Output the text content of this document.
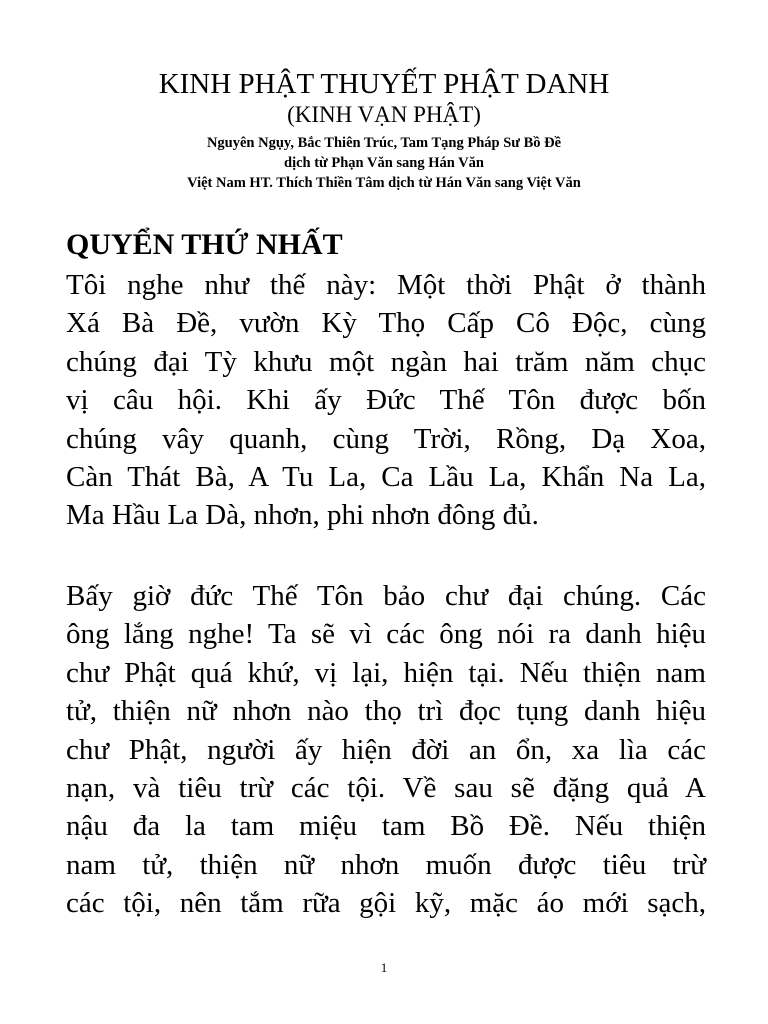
KINH PHẬT THUYẾT PHẬT DANH
(KINH VẠN PHẬT)
Nguyên Ngụy, Bắc Thiên Trúc, Tam Tạng Pháp Sư Bồ Đề
dịch từ Phạn Văn sang Hán Văn
Việt Nam HT. Thích Thiền Tâm dịch từ Hán Văn sang Việt Văn
QUYỂN THỨ NHẤT
Tôi nghe như thế này: Một thời Phật ở thành
Xá Bà Đề, vườn Kỳ Thọ Cấp Cô Độc, cùng
chúng đại Tỳ khưu một ngàn hai trăm năm chục
vị câu hội. Khi ấy Đức Thế Tôn được bốn
chúng vây quanh, cùng Trời, Rồng, Dạ Xoa,
Càn Thát Bà, A Tu La, Ca Lầu La, Khẩn Na La,
Ma Hầu La Dà, nhơn, phi nhơn đông đủ.
Bấy giờ đức Thế Tôn bảo chư đại chúng. Các
ông lắng nghe! Ta sẽ vì các ông nói ra danh hiệu
chư Phật quá khứ, vị lại, hiện tại. Nếu thiện nam
tử, thiện nữ nhơn nào thọ trì đọc tụng danh hiệu
chư Phật, người ấy hiện đời an ổn, xa lìa các
nạn, và tiêu trừ các tội. Về sau sẽ đặng quả A
nậu đa la tam miệu tam Bồ Đề. Nếu thiện
nam tử, thiện nữ nhơn muốn được tiêu trừ
các tội, nên tắm rữa gội kỹ, mặc áo mới sạch,
1
